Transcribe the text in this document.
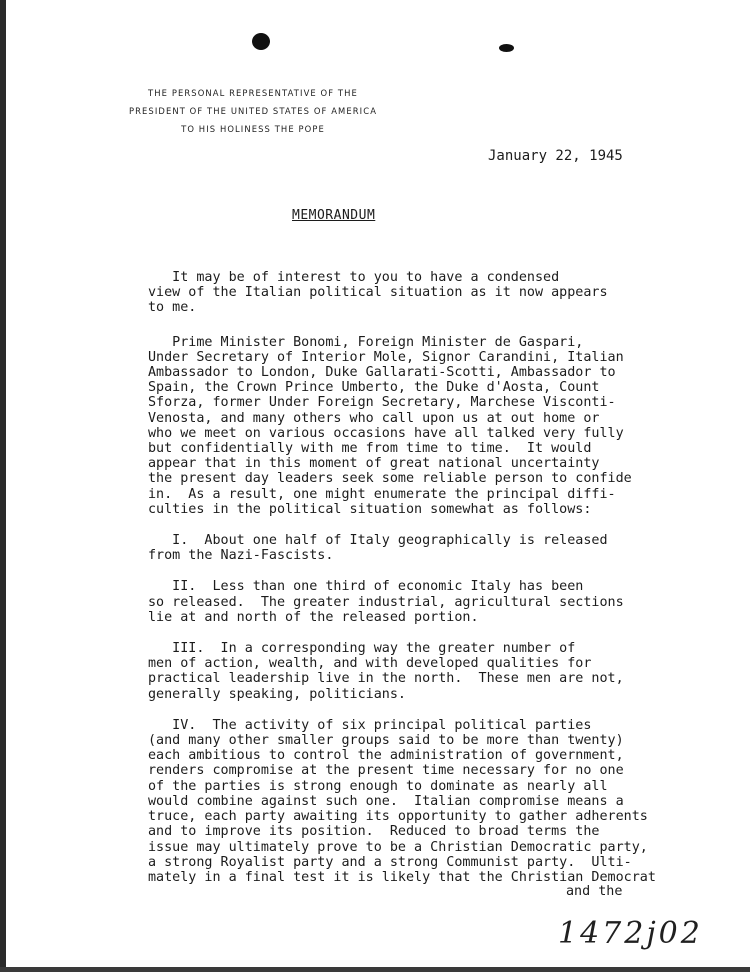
THE PERSONAL REPRESENTATIVE OF THE
PRESIDENT OF THE UNITED STATES OF AMERICA
TO HIS HOLINESS THE POPE
January 22, 1945
MEMORANDUM

It may be of interest to you to have a condensed
view of the Italian political situation as it now appears
to me.

Prime Minister Bonomi, Foreign Minister de Gaspari,
Under Secretary of Interior Mole, Signor Carandini, Italian
Ambassador to London, Duke Gallarati-Scotti, Ambassador to
Spain, the Crown Prince Umberto, the Duke d'Aosta, Count
Sforza, former Under Foreign Secretary, Marchese Visconti-
Venosta, and many others who call upon us at out home or
who we meet on various occasions have all talked very fully
but confidentially with me from time to time.  It would
appear that in this moment of great national uncertainty
the present day leaders seek some reliable person to confide
in.  As a result, one might enumerate the principal diffi-
culties in the political situation somewhat as follows:

I.  About one half of Italy geographically is released
from the Nazi-Fascists.

II.  Less than one third of economic Italy has been
so released.  The greater industrial, agricultural sections
lie at and north of the released portion.

III.  In a corresponding way the greater number of
men of action, wealth, and with developed qualities for
practical leadership live in the north.  These men are not,
generally speaking, politicians.

IV.  The activity of six principal political parties
(and many other smaller groups said to be more than twenty)
each ambitious to control the administration of government,
renders compromise at the present time necessary for no one
of the parties is strong enough to dominate as nearly all
would combine against such one.  Italian compromise means a
truce, each party awaiting its opportunity to gather adherents
and to improve its position.  Reduced to broad terms the
issue may ultimately prove to be a Christian Democratic party,
a strong Royalist party and a strong Communist party.  Ulti-
mately in a final test it is likely that the Christian Democrat

and the
1472j02
